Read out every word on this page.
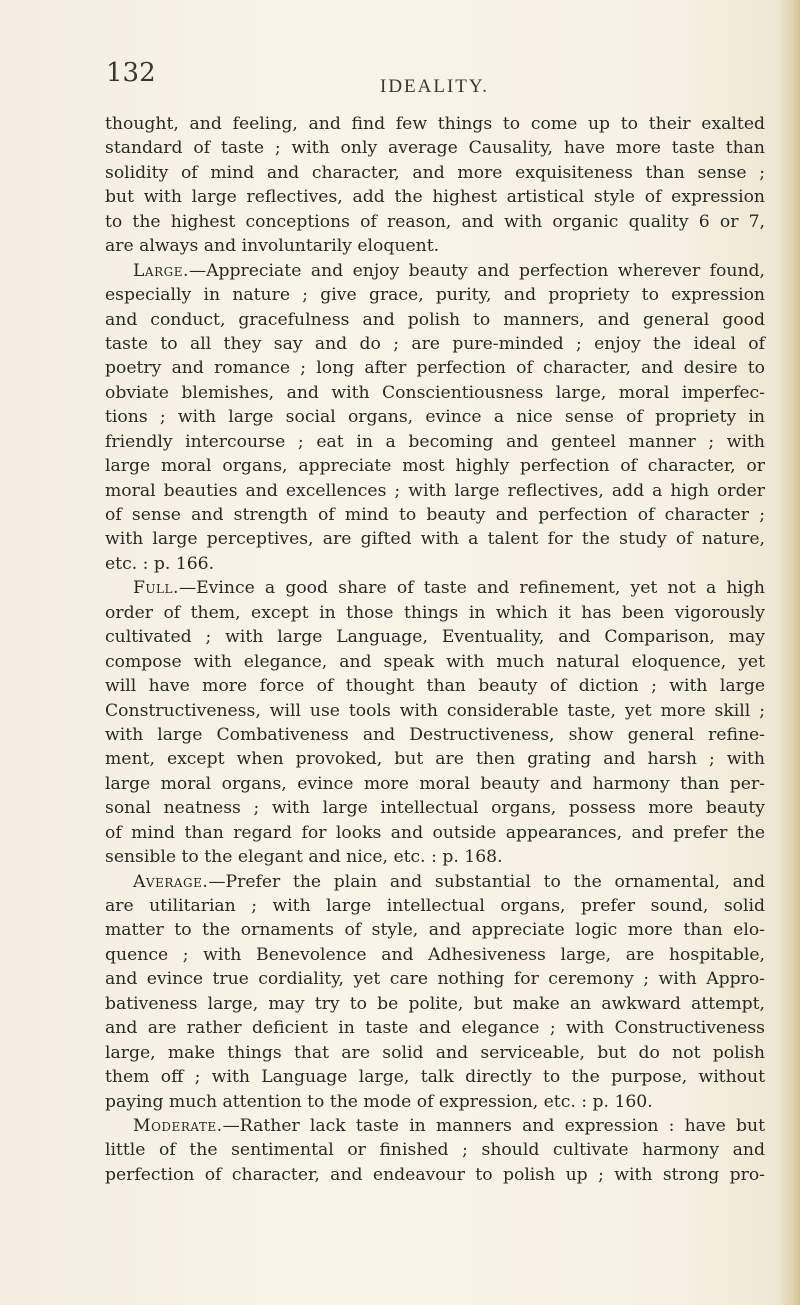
132	IDEALITY.
thought, and feeling, and find few things to come up to their exalted
standard of taste ; with only average Causality, have more taste than
solidity of mind and character, and more exquisiteness than sense ;
but with large reflectives, add the highest artistical style of expression
to the highest conceptions of reason, and with organic quality 6 or 7,
are always and involuntarily eloquent.
Large.—Appreciate and enjoy beauty and perfection wherever found,
especially in nature ; give grace, purity, and propriety to expression
and conduct, gracefulness and polish to manners, and general good
taste to all they say and do ; are pure-minded ; enjoy the ideal of
poetry and romance ; long after perfection of character, and desire to
obviate blemishes, and with Conscientiousness large, moral imperfec-
tions ; with large social organs, evince a nice sense of propriety in
friendly intercourse ; eat in a becoming and genteel manner ; with
large moral organs, appreciate most highly perfection of character, or
moral beauties and excellences ; with large reflectives, add a high order
of sense and strength of mind to beauty and perfection of character ;
with large perceptives, are gifted with a talent for the study of nature,
etc. : p. 166.
Full.—Evince a good share of taste and refinement, yet not a high
order of them, except in those things in which it has been vigorously
cultivated ; with large Language, Eventuality, and Comparison, may
compose with elegance, and speak with much natural eloquence, yet
will have more force of thought than beauty of diction ; with large
Constructiveness, will use tools with considerable taste, yet more skill ;
with large Combativeness and Destructiveness, show general refine-
ment, except when provoked, but are then grating and harsh ; with
large moral organs, evince more moral beauty and harmony than per-
sonal neatness ; with large intellectual organs, possess more beauty
of mind than regard for looks and outside appearances, and prefer the
sensible to the elegant and nice, etc. : p. 168.
Average.—Prefer the plain and substantial to the ornamental, and
are utilitarian ; with large intellectual organs, prefer sound, solid
matter to the ornaments of style, and appreciate logic more than elo-
quence ; with Benevolence and Adhesiveness large, are hospitable,
and evince true cordiality, yet care nothing for ceremony ; with Appro-
bativeness large, may try to be polite, but make an awkward attempt,
and are rather deficient in taste and elegance ; with Constructiveness
large, make things that are solid and serviceable, but do not polish
them off ; with Language large, talk directly to the purpose, without
paying much attention to the mode of expression, etc. : p. 160.
Moderate.—Rather lack taste in manners and expression : have but
little of the sentimental or finished ; should cultivate harmony and
perfection of character, and endeavour to polish up ; with strong pro-
